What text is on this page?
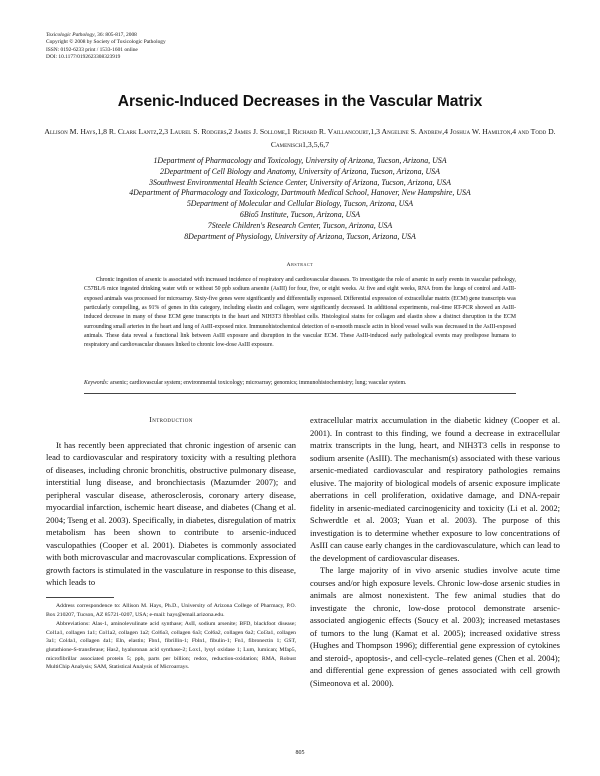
Toxicologic Pathology, 36: 805-817, 2008
Copyright © 2008 by Society of Toxicologic Pathology
ISSN: 0192-6233 print / 1533-1601 online
DOI: 10.1177/0192623308323919
Arsenic-Induced Decreases in the Vascular Matrix
Allison M. Hays,1,8 R. Clark Lantz,2,3 Laurel S. Rodgers,2 James J. Sollome,1 Richard R. Vaillancourt,1,3 Angeline S. Andrew,4 Joshua W. Hamilton,4 and Todd D. Camenisch1,3,5,6,7
1Department of Pharmacology and Toxicology, University of Arizona, Tucson, Arizona, USA
2Department of Cell Biology and Anatomy, University of Arizona, Tucson, Arizona, USA
3Southwest Environmental Health Science Center, University of Arizona, Tucson, Arizona, USA
4Department of Pharmacology and Toxicology, Dartmouth Medical School, Hanover, New Hampshire, USA
5Department of Molecular and Cellular Biology, Tucson, Arizona, USA
6Bio5 Institute, Tucson, Arizona, USA
7Steele Children's Research Center, Tucson, Arizona, USA
8Department of Physiology, University of Arizona, Tucson, Arizona, USA
Abstract
Chronic ingestion of arsenic is associated with increased incidence of respiratory and cardiovascular diseases. To investigate the role of arsenic in early events in vascular pathology, C57BL/6 mice ingested drinking water with or without 50 ppb sodium arsenite (AsIII) for four, five, or eight weeks. At five and eight weeks, RNA from the lungs of control and AsIII-exposed animals was processed for microarray. Sixty-five genes were significantly and differentially expressed. Differential expression of extracellular matrix (ECM) gene transcripts was particularly compelling, as 91% of genes in this category, including elastin and collagen, were significantly decreased. In additional experiments, real-time RT-PCR showed an AsIII-induced decrease in many of these ECM gene transcripts in the heart and NIH3T3 fibroblast cells. Histological stains for collagen and elastin show a distinct disruption in the ECM surrounding small arteries in the heart and lung of AsIII-exposed mice. Immunohistochemical detection of α-smooth muscle actin in blood vessel walls was decreased in the AsIII-exposed animals. These data reveal a functional link between AsIII exposure and disruption in the vascular ECM. These AsIII-induced early pathological events may predispose humans to respiratory and cardiovascular diseases linked to chronic low-dose AsIII exposure.
Keywords: arsenic; cardiovascular system; environmental toxicology; microarray; genomics; immunohistochemistry; lung; vascular system.
Introduction

It has recently been appreciated that chronic ingestion of arsenic can lead to cardiovascular and respiratory toxicity with a resulting plethora of diseases, including chronic bronchitis, obstructive pulmonary disease, interstitial lung disease, and bronchiectasis (Mazumder 2007); and peripheral vascular disease, atherosclerosis, coronary artery disease, myocardial infarction, ischemic heart disease, and diabetes (Chang et al. 2004; Tseng et al. 2003). Specifically, in diabetes, disregulation of matrix metabolism has been shown to contribute to arsenic-induced vasculopathies (Cooper et al. 2001). Diabetes is commonly associated with both microvascular and macrovascular complications. Expression of growth factors is stimulated in the vasculature in response to this disease, which leads to

extracellular matrix accumulation in the diabetic kidney (Cooper et al. 2001). In contrast to this finding, we found a decrease in extracellular matrix transcripts in the lung, heart, and NIH3T3 cells in response to sodium arsenite (AsIII). The mechanism(s) associated with these various arsenic-mediated cardiovascular and respiratory pathologies remains elusive. The majority of biological models of arsenic exposure implicate aberrations in cell proliferation, oxidative damage, and DNA-repair fidelity in arsenic-mediated carcinogenicity and toxicity (Li et al. 2002; Schwerdtle et al. 2003; Yuan et al. 2003). The purpose of this investigation is to determine whether exposure to low concentrations of AsIII can cause early changes in the cardiovasculature, which can lead to the development of cardiovascular diseases.

The large majority of in vivo arsenic studies involve acute time courses and/or high exposure levels. Chronic low-dose arsenic studies in animals are almost nonexistent. The few animal studies that do investigate the chronic, low-dose protocol demonstrate arsenic-associated angiogenic effects (Soucy et al. 2003); increased metastases of tumors to the lung (Kamat et al. 2005); increased oxidative stress (Hughes and Thompson 1996); differential gene expression of cytokines and steroid-, apoptosis-, and cell-cycle–related genes (Chen et al. 2004); and differential gene expression of genes associated with cell growth (Simeonova et al. 2000).

Address correspondence to: Allison M. Hays, Ph.D., University of Arizona College of Pharmacy, P.O. Box 210207, Tucson, AZ 85721-0207, USA; e-mail: hays@email.arizona.edu.

Abbreviations: Alas-1, aminolevulinate acid synthase; AsII, sodium arsenite; BFD, blackfoot disease; Col1a1, collagen 1a1; Col1a2, collagen 1a2; Col6a3, collagen 6a3; Col6a2, collagen 6a2; Col3a1, collagen 3a1; Col4a1, collagen 4a1; Eln, elastin; Fbn1, fibrillin-1; Fbln1, fibulin-1; Fn1, fibronectin 1; GST, glutathione-S-transferase; Has2, hyaluronan acid synthase-2; Lox1, lysyl oxidase 1; Lum, lumican; Mfap5, microfibrillar associated protein 5; ppb, parts per billion; redox, reduction-oxidation; RMA, Robust MultiChip Analysis; SAM, Statistical Analysis of Microarrays.

805
